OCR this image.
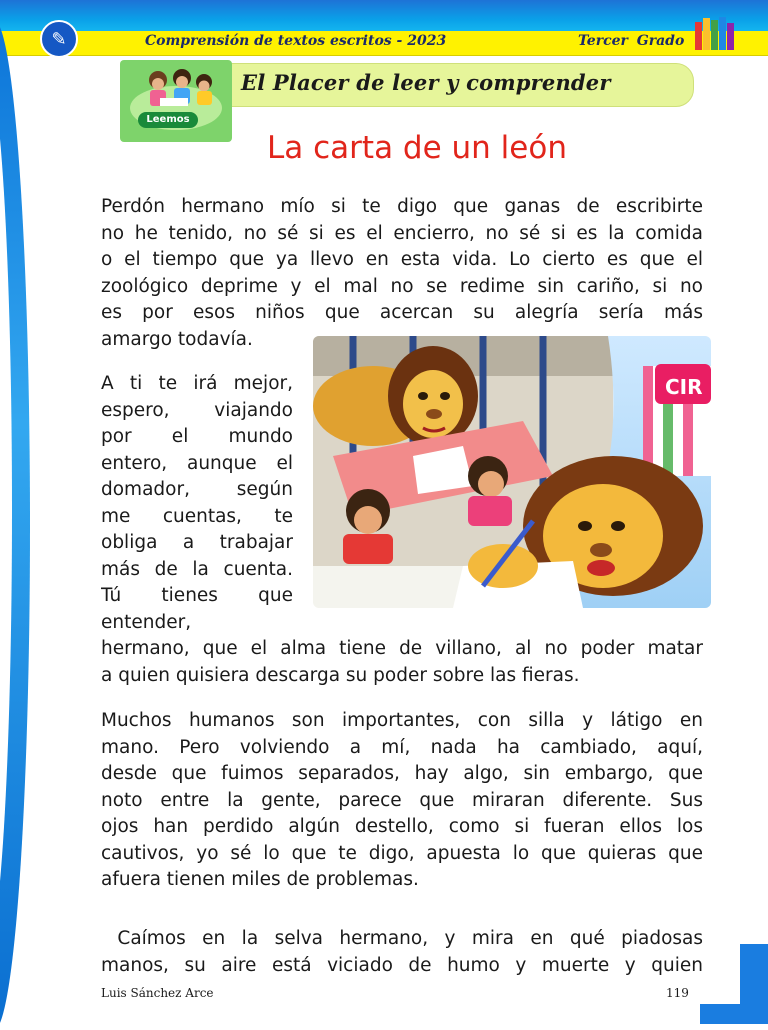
✎	Comprensión de textos escritos - 2023	Tercer Grado
El Placer de leer y comprender
Leemos
La carta de un león
Perdón hermano mío si te digo que ganas de escribirte
no he tenido, no sé si es el encierro, no sé si es la comida
o el tiempo que ya llevo en esta vida. Lo cierto es que el
zoológico deprime y el mal no se redime sin cariño, si no
es por esos niños que acercan su alegría sería más
amargo todavía.
A ti te irá mejor,
espero, viajando
por el mundo
entero, aunque el
domador, según
me cuentas, te
obliga a trabajar
más de la cuenta.
Tú tienes que
entender,
CIR
hermano, que el alma tiene de villano, al no poder matar
a quien quisiera descarga su poder sobre las fieras.
Muchos humanos son importantes, con silla y látigo en
mano. Pero volviendo a mí, nada ha cambiado, aquí,
desde que fuimos separados, hay algo, sin embargo, que
noto entre la gente, parece que miraran diferente. Sus
ojos han perdido algún destello, como si fueran ellos los
cautivos, yo sé lo que te digo, apuesta lo que quieras que
afuera tienen miles de problemas.
Caímos en la selva hermano, y mira en qué piadosas
manos, su aire está viciado de humo y muerte y quien
Luis Sánchez Arce	119
